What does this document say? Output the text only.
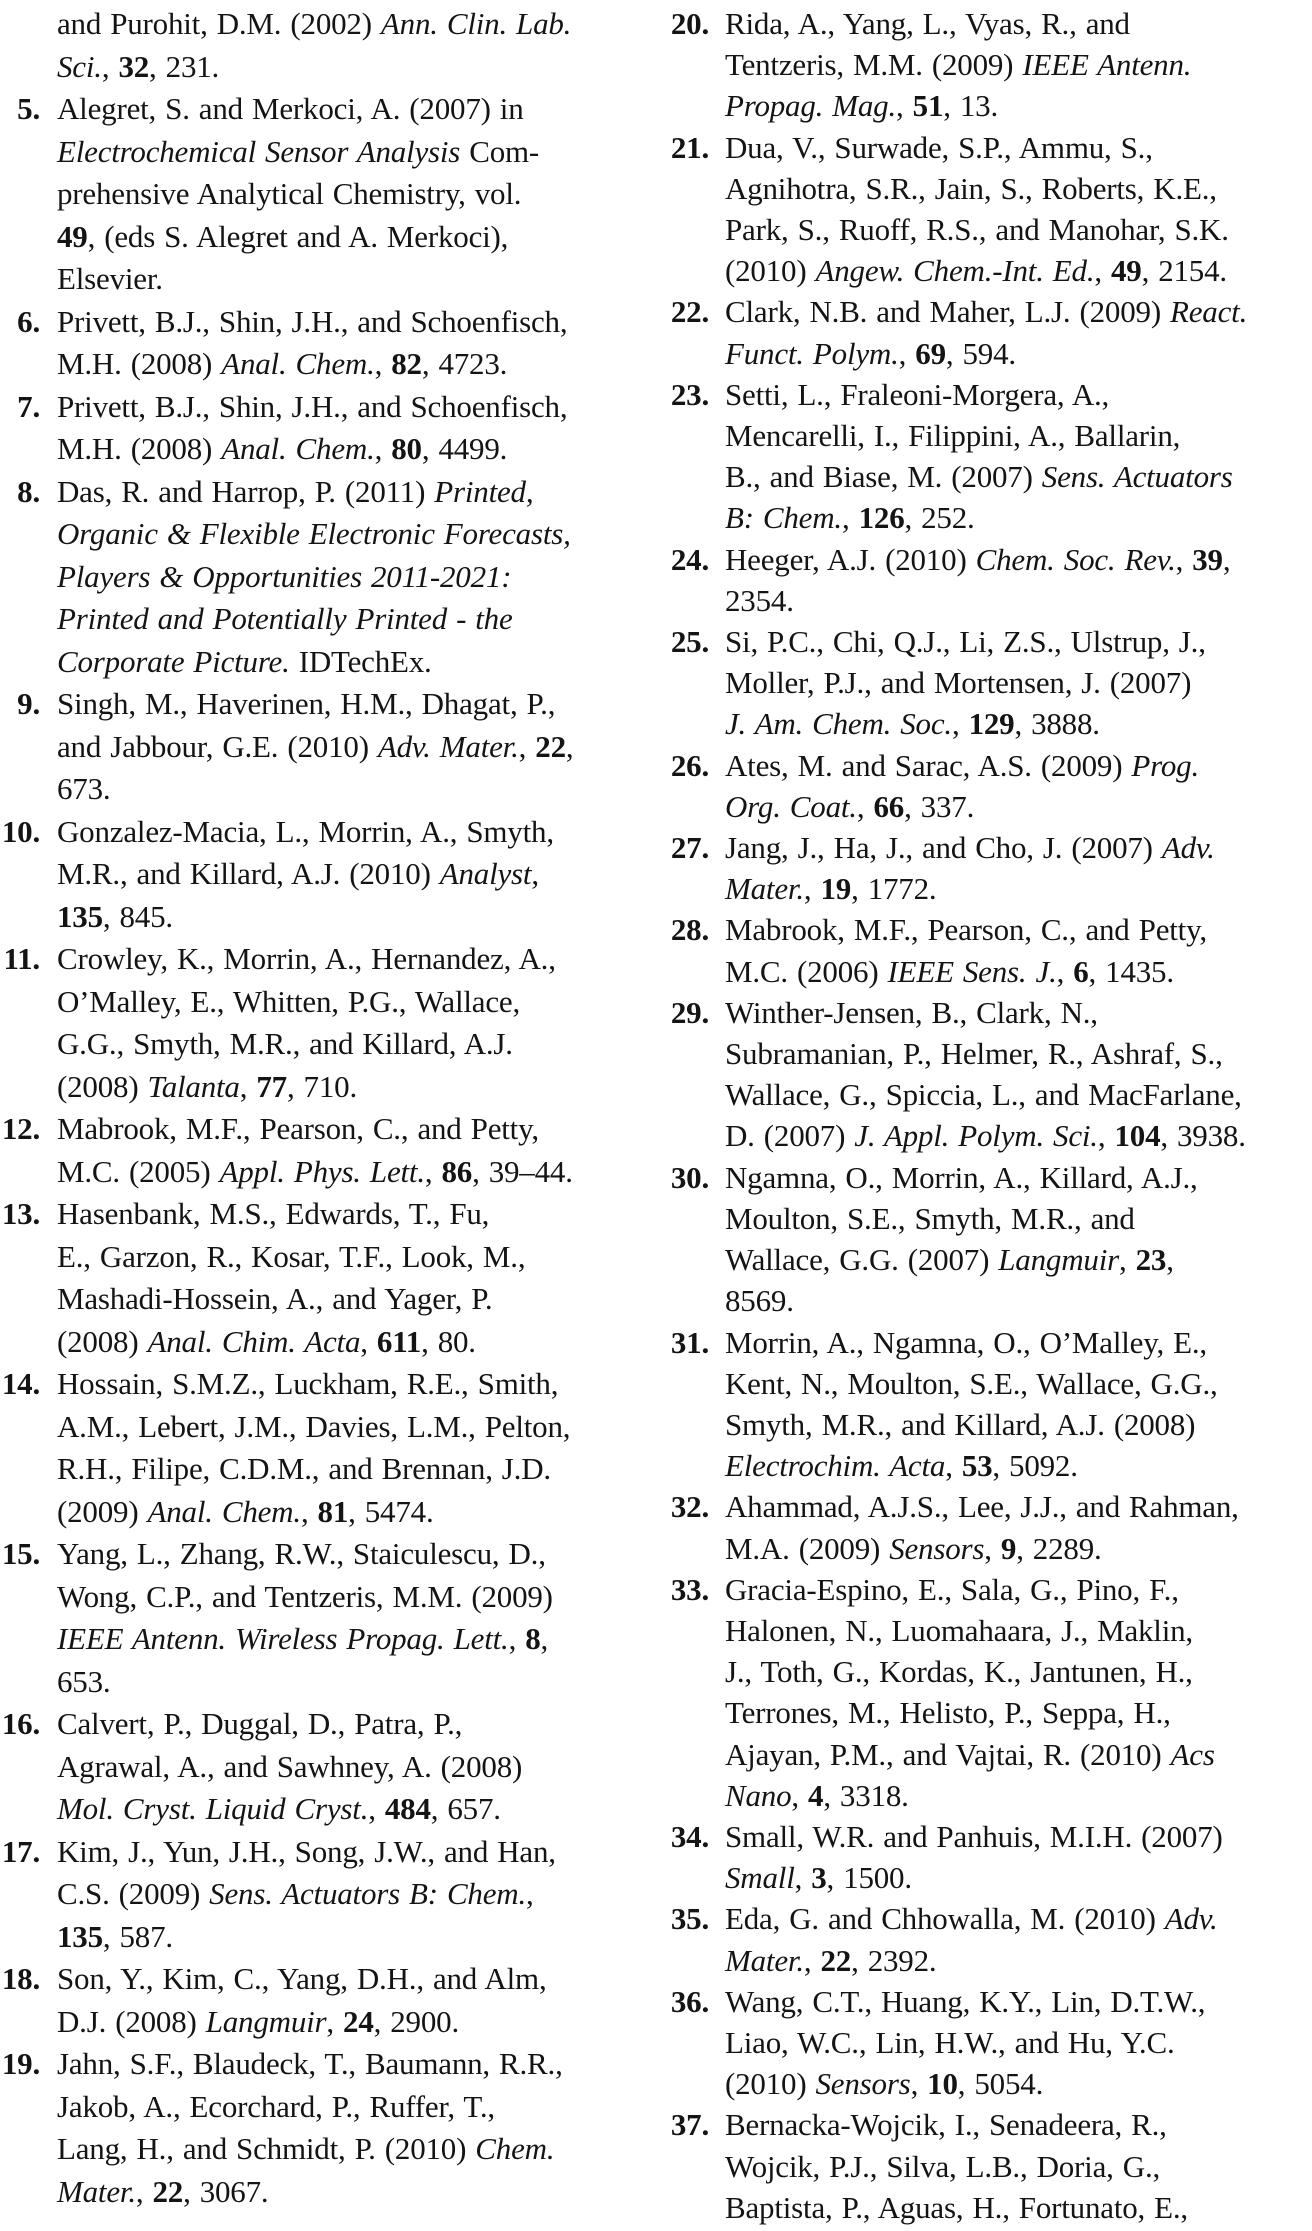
and Purohit, D.M. (2002) Ann. Clin. Lab.
Sci., 32, 231.
5. Alegret, S. and Merkoci, A. (2007) in
Electrochemical Sensor Analysis Com-
prehensive Analytical Chemistry, vol.
49, (eds S. Alegret and A. Merkoci),
Elsevier.
6. Privett, B.J., Shin, J.H., and Schoenfisch,
M.H. (2008) Anal. Chem., 82, 4723.
7. Privett, B.J., Shin, J.H., and Schoenfisch,
M.H. (2008) Anal. Chem., 80, 4499.
8. Das, R. and Harrop, P. (2011) Printed,
Organic & Flexible Electronic Forecasts,
Players & Opportunities 2011-2021:
Printed and Potentially Printed - the
Corporate Picture. IDTechEx.
9. Singh, M., Haverinen, H.M., Dhagat, P.,
and Jabbour, G.E. (2010) Adv. Mater., 22,
673.
10. Gonzalez-Macia, L., Morrin, A., Smyth,
M.R., and Killard, A.J. (2010) Analyst,
135, 845.
11. Crowley, K., Morrin, A., Hernandez, A.,
O’Malley, E., Whitten, P.G., Wallace,
G.G., Smyth, M.R., and Killard, A.J.
(2008) Talanta, 77, 710.
12. Mabrook, M.F., Pearson, C., and Petty,
M.C. (2005) Appl. Phys. Lett., 86, 39–44.
13. Hasenbank, M.S., Edwards, T., Fu,
E., Garzon, R., Kosar, T.F., Look, M.,
Mashadi-Hossein, A., and Yager, P.
(2008) Anal. Chim. Acta, 611, 80.
14. Hossain, S.M.Z., Luckham, R.E., Smith,
A.M., Lebert, J.M., Davies, L.M., Pelton,
R.H., Filipe, C.D.M., and Brennan, J.D.
(2009) Anal. Chem., 81, 5474.
15. Yang, L., Zhang, R.W., Staiculescu, D.,
Wong, C.P., and Tentzeris, M.M. (2009)
IEEE Antenn. Wireless Propag. Lett., 8,
653.
16. Calvert, P., Duggal, D., Patra, P.,
Agrawal, A., and Sawhney, A. (2008)
Mol. Cryst. Liquid Cryst., 484, 657.
17. Kim, J., Yun, J.H., Song, J.W., and Han,
C.S. (2009) Sens. Actuators B: Chem.,
135, 587.
18. Son, Y., Kim, C., Yang, D.H., and Alm,
D.J. (2008) Langmuir, 24, 2900.
19. Jahn, S.F., Blaudeck, T., Baumann, R.R.,
Jakob, A., Ecorchard, P., Ruffer, T.,
Lang, H., and Schmidt, P. (2010) Chem.
Mater., 22, 3067.
20. Rida, A., Yang, L., Vyas, R., and
Tentzeris, M.M. (2009) IEEE Antenn.
Propag. Mag., 51, 13.
21. Dua, V., Surwade, S.P., Ammu, S.,
Agnihotra, S.R., Jain, S., Roberts, K.E.,
Park, S., Ruoff, R.S., and Manohar, S.K.
(2010) Angew. Chem.-Int. Ed., 49, 2154.
22. Clark, N.B. and Maher, L.J. (2009) React.
Funct. Polym., 69, 594.
23. Setti, L., Fraleoni-Morgera, A.,
Mencarelli, I., Filippini, A., Ballarin,
B., and Biase, M. (2007) Sens. Actuators
B: Chem., 126, 252.
24. Heeger, A.J. (2010) Chem. Soc. Rev., 39,
2354.
25. Si, P.C., Chi, Q.J., Li, Z.S., Ulstrup, J.,
Moller, P.J., and Mortensen, J. (2007)
J. Am. Chem. Soc., 129, 3888.
26. Ates, M. and Sarac, A.S. (2009) Prog.
Org. Coat., 66, 337.
27. Jang, J., Ha, J., and Cho, J. (2007) Adv.
Mater., 19, 1772.
28. Mabrook, M.F., Pearson, C., and Petty,
M.C. (2006) IEEE Sens. J., 6, 1435.
29. Winther-Jensen, B., Clark, N.,
Subramanian, P., Helmer, R., Ashraf, S.,
Wallace, G., Spiccia, L., and MacFarlane,
D. (2007) J. Appl. Polym. Sci., 104, 3938.
30. Ngamna, O., Morrin, A., Killard, A.J.,
Moulton, S.E., Smyth, M.R., and
Wallace, G.G. (2007) Langmuir, 23,
8569.
31. Morrin, A., Ngamna, O., O’Malley, E.,
Kent, N., Moulton, S.E., Wallace, G.G.,
Smyth, M.R., and Killard, A.J. (2008)
Electrochim. Acta, 53, 5092.
32. Ahammad, A.J.S., Lee, J.J., and Rahman,
M.A. (2009) Sensors, 9, 2289.
33. Gracia-Espino, E., Sala, G., Pino, F.,
Halonen, N., Luomahaara, J., Maklin,
J., Toth, G., Kordas, K., Jantunen, H.,
Terrones, M., Helisto, P., Seppa, H.,
Ajayan, P.M., and Vajtai, R. (2010) Acs
Nano, 4, 3318.
34. Small, W.R. and Panhuis, M.I.H. (2007)
Small, 3, 1500.
35. Eda, G. and Chhowalla, M. (2010) Adv.
Mater., 22, 2392.
36. Wang, C.T., Huang, K.Y., Lin, D.T.W.,
Liao, W.C., Lin, H.W., and Hu, Y.C.
(2010) Sensors, 10, 5054.
37. Bernacka-Wojcik, I., Senadeera, R.,
Wojcik, P.J., Silva, L.B., Doria, G.,
Baptista, P., Aguas, H., Fortunato, E.,
